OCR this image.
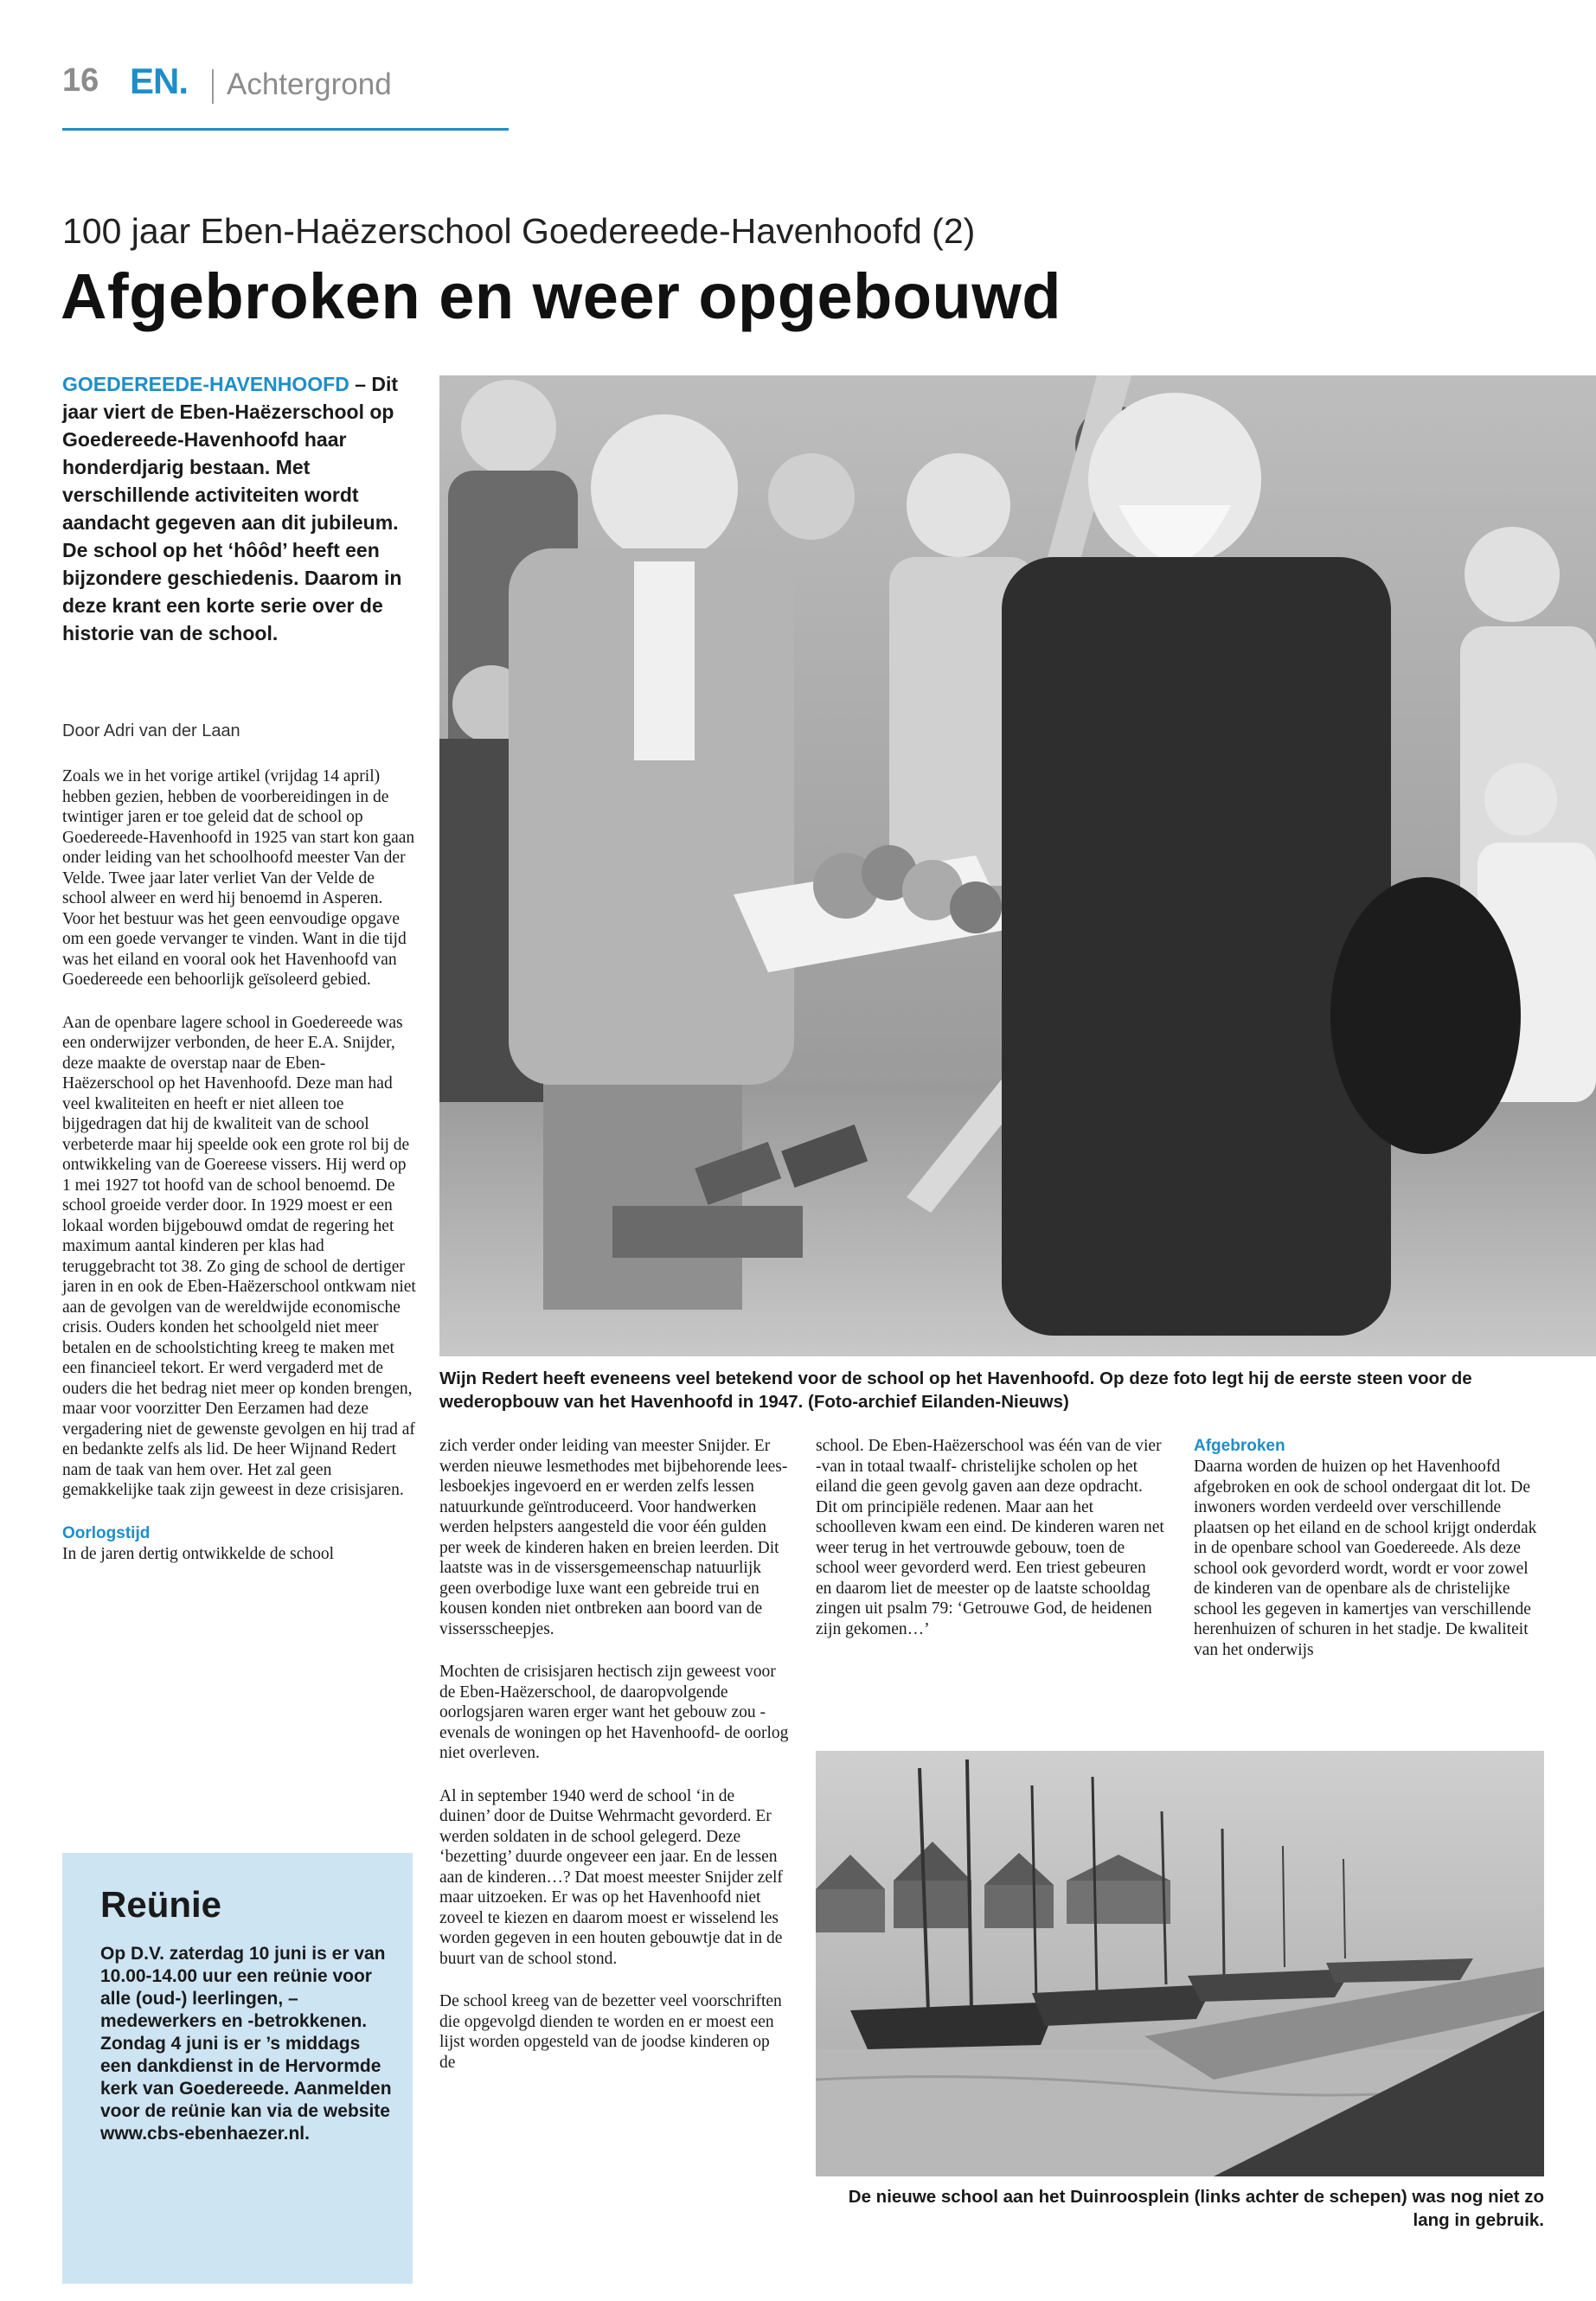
16 EN. Achtergrond
100 jaar Eben-Haëzerschool Goedereede-Havenhoofd (2)
Afgebroken en weer opgebouwd
GOEDEREEDE-HAVENHOOFD – Dit jaar viert de Eben-Haëzerschool op Goedereede-Havenhoofd haar honderdjarig bestaan. Met verschillende activiteiten wordt aandacht gegeven aan dit jubileum. De school op het ‘hôôd’ heeft een bijzondere geschiedenis. Daarom in deze krant een korte serie over de historie van de school.
Door Adri van der Laan

Zoals we in het vorige artikel (vrijdag 14 april) hebben gezien, hebben de voorbereidingen in de twintiger jaren er toe geleid dat de school op Goedereede-Havenhoofd in 1925 van start kon gaan onder leiding van het schoolhoofd meester Van der Velde. Twee jaar later verliet Van der Velde de school alweer en werd hij benoemd in Asperen. Voor het bestuur was het geen eenvoudige opgave om een goede vervanger te vinden. Want in die tijd was het eiland en vooral ook het Havenhoofd van Goedereede een behoorlijk geïsoleerd gebied.

Aan de openbare lagere school in Goedereede was een onderwijzer verbonden, de heer E.A. Snijder, deze maakte de overstap naar de Eben-Haëzerschool op het Havenhoofd. Deze man had veel kwaliteiten en heeft er niet alleen toe bijgedragen dat hij de kwaliteit van de school verbeterde maar hij speelde ook een grote rol bij de ontwikkeling van de Goereese vissers. Hij werd op 1 mei 1927 tot hoofd van de school benoemd. De school groeide verder door. In 1929 moest er een lokaal worden bijgebouwd omdat de regering het maximum aantal kinderen per klas had teruggebracht tot 38. Zo ging de school de dertiger jaren in en ook de Eben-Haëzerschool ontkwam niet aan de gevolgen van de wereldwijde economische crisis. Ouders konden het schoolgeld niet meer betalen en de schoolstichting kreeg te maken met een financieel tekort. Er werd vergaderd met de ouders die het bedrag niet meer op konden brengen, maar voor voorzitter Den Eerzamen had deze vergadering niet de gewenste gevolgen en hij trad af en bedankte zelfs als lid. De heer Wijnand Redert nam de taak van hem over. Het zal geen gemakkelijke taak zijn geweest in deze crisisjaren.

Oorlogstijd

In de jaren dertig ontwikkelde de school

Wijn Redert heeft eveneens veel betekend voor de school op het Havenhoofd. Op deze foto legt hij de eerste steen voor de wederopbouw van het Havenhoofd in 1947. (Foto-archief Eilanden-Nieuws)

zich verder onder leiding van meester Snijder. Er werden nieuwe lesmethodes met bijbehorende lees- lesboekjes ingevoerd en er werden zelfs lessen natuurkunde geïntroduceerd. Voor handwerken werden helpsters aangesteld die voor één gulden per week de kinderen haken en breien leerden. Dit laatste was in de vissersgemeenschap natuurlijk geen overbodige luxe want een gebreide trui en kousen konden niet ontbreken aan boord van de vissersscheepjes.

Mochten de crisisjaren hectisch zijn geweest voor de Eben-Haëzerschool, de daaropvolgende oorlogsjaren waren erger want het gebouw zou -evenals de woningen op het Havenhoofd- de oorlog niet overleven.

Al in september 1940 werd de school ‘in de duinen’ door de Duitse Wehrmacht gevorderd. Er werden soldaten in de school gelegerd. Deze ‘bezetting’ duurde ongeveer een jaar. En de lessen aan de kinderen…? Dat moest meester Snijder zelf maar uitzoeken. Er was op het Havenhoofd niet zoveel te kiezen en daarom moest er wisselend les worden gegeven in een houten gebouwtje dat in de buurt van de school stond.

De school kreeg van de bezetter veel voorschriften die opgevolgd dienden te worden en er moest een lijst worden opgesteld van de joodse kinderen op de

school. De Eben-Haëzerschool was één van de vier -van in totaal twaalf- christelijke scholen op het eiland die geen gevolg gaven aan deze opdracht. Dit om principiële redenen. Maar aan het schoolleven kwam een eind. De kinderen waren net weer terug in het vertrouwde gebouw, toen de school weer gevorderd werd. Een triest gebeuren en daarom liet de meester op de laatste schooldag zingen uit psalm 79: ‘Getrouwe God, de heidenen zijn gekomen…’

Afgebroken

Daarna worden de huizen op het Havenhoofd afgebroken en ook de school ondergaat dit lot. De inwoners worden verdeeld over verschillende plaatsen op het eiland en de school krijgt onderdak in de openbare school van Goedereede. Als deze school ook gevorderd wordt, wordt er voor zowel de kinderen van de openbare als de christelijke school les gegeven in kamertjes van verschillende herenhuizen of schuren in het stadje. De kwaliteit van het onderwijs

De nieuwe school aan het Duinroosplein (links achter de schepen) was nog niet zo lang in gebruik.
Reünie
Op D.V. zaterdag 10 juni is er van 10.00-14.00 uur een reünie voor alle (oud-) leerlingen, – medewerkers en -betrokkenen. Zondag 4 juni is er ’s middags een dankdienst in de Hervormde kerk van Goedereede. Aanmelden voor de reünie kan via de website www.cbs-ebenhaezer.nl.
